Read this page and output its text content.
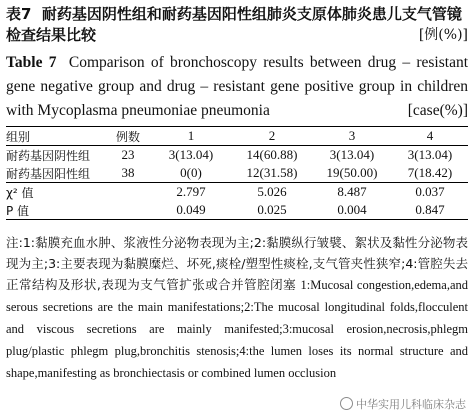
表7 耐药基因阴性组和耐药基因阳性组肺炎支原体肺炎患儿支气管镜检查结果比较	[例(%)]
Table 7 Comparison of bronchoscopy results between drug – resistant gene negative group and drug – resistant gene positive group in children with Mycoplasma pneumoniae pneumonia	[case(%)]
组别	例数	1	2	3	4
耐药基因阴性组	23	3(13.04)	14(60.88)	3(13.04)	3(13.04)
耐药基因阳性组	38	0(0)	12(31.58)	19(50.00)	7(18.42)
χ² 值		2.797	5.026	8.487	0.037
P 值		0.049	0.025	0.004	0.847
注:1:黏膜充血水肿、浆液性分泌物表现为主;2:黏膜纵行皱襞、絮状及黏性分泌物表现为主;3:主要表现为黏膜糜烂、坏死,痰栓/塑型性痰栓,支气管夹性狭窄;4:管腔失去正常结构及形状,表现为支气管扩张或合并管腔闭塞 1:Mucosal congestion,edema,and serous secretions are the main manifestations;2:The mucosal longitudinal folds,flocculent and viscous secretions are mainly manifested;3:mucosal erosion,necrosis,phlegm plug/plastic phlegm plug,bronchitis stenosis;4:the lumen loses its normal structure and shape,manifesting as bronchiectasis or combined lumen occlusion
中华实用儿科临床杂志
